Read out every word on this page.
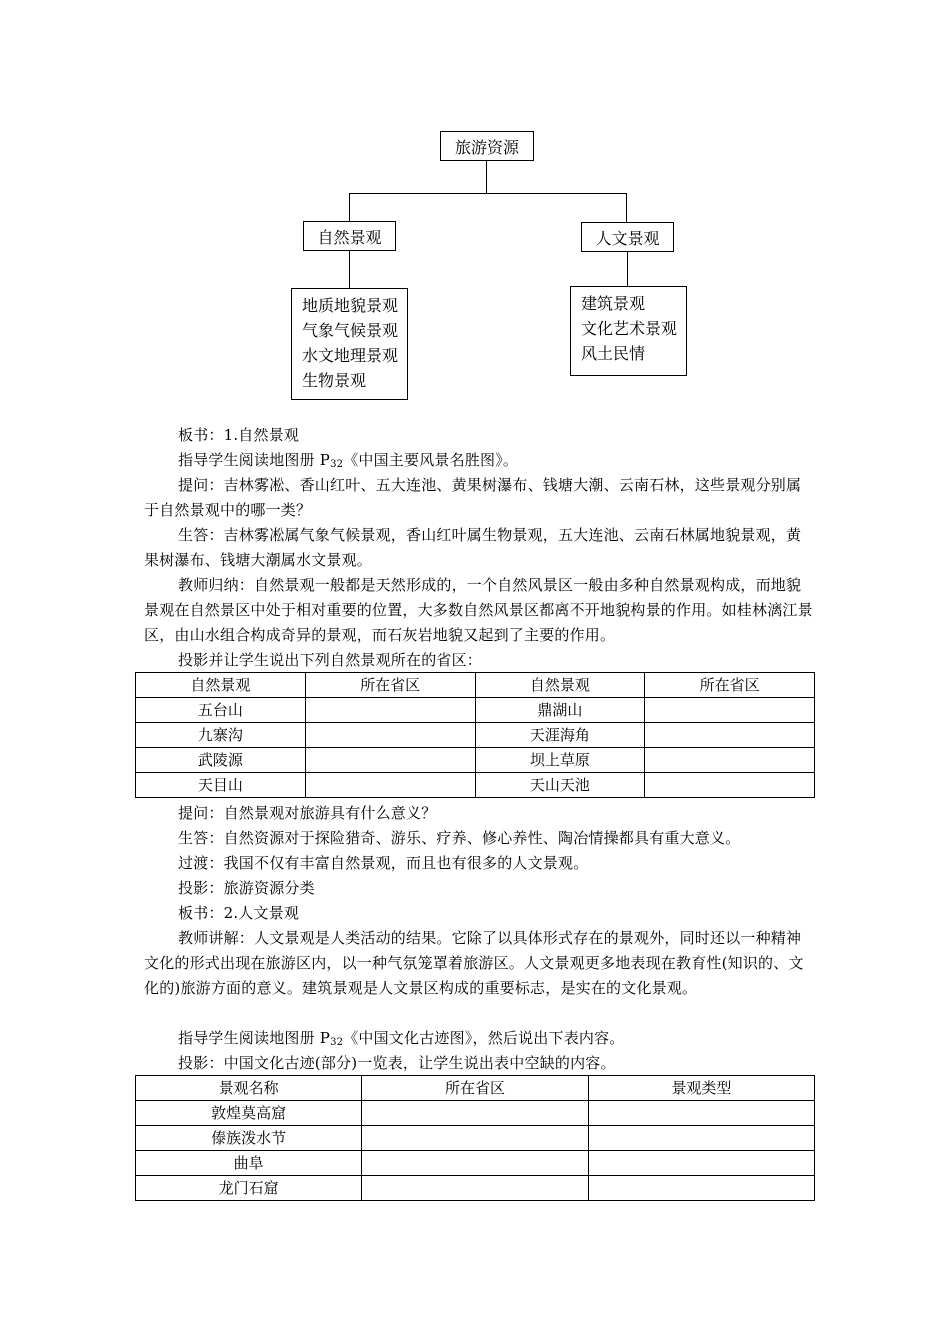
旅游资源
自然景观	人文景观
地质地貌景观
气象气候景观
水文地理景观
生物景观
建筑景观
文化艺术景观
风土民情

板书：1.自然景观

指导学生阅读地图册 $P_{32}$《中国主要风景名胜图》。

提问：吉林雾凇、香山红叶、五大连池、黄果树瀑布、钱塘大潮、云南石林，这些景观分别属于自然景观中的哪一类？

生答：吉林雾凇属气象气候景观，香山红叶属生物景观，五大连池、云南石林属地貌景观，黄果树瀑布、钱塘大潮属水文景观。

教师归纳：自然景观一般都是天然形成的，一个自然风景区一般由多种自然景观构成，而地貌景观在自然景区中处于相对重要的位置，大多数自然风景区都离不开地貌构景的作用。如桂林漓江景区，由山水组合构成奇异的景观，而石灰岩地貌又起到了主要的作用。

投影并让学生说出下列自然景观所在的省区：

自然景观	所在省区	自然景观	所在省区
五台山		鼎湖山	
九寨沟		天涯海角	
武陵源		坝上草原	
天目山		天山天池	

提问：自然景观对旅游具有什么意义？

生答：自然资源对于探险猎奇、游乐、疗养、修心养性、陶冶情操都具有重大意义。

过渡：我国不仅有丰富自然景观，而且也有很多的人文景观。

投影：旅游资源分类

板书：2.人文景观

教师讲解：人文景观是人类活动的结果。它除了以具体形式存在的景观外，同时还以一种精神文化的形式出现在旅游区内，以一种气氛笼罩着旅游区。人文景观更多地表现在教育性(知识的、文化的)旅游方面的意义。建筑景观是人文景区构成的重要标志，是实在的文化景观。

指导学生阅读地图册 $P_{32}$《中国文化古迹图》，然后说出下表内容。

投影：中国文化古迹(部分)一览表，让学生说出表中空缺的内容。

景观名称	所在省区	景观类型
敦煌莫高窟		
傣族泼水节		
曲阜		
龙门石窟		
